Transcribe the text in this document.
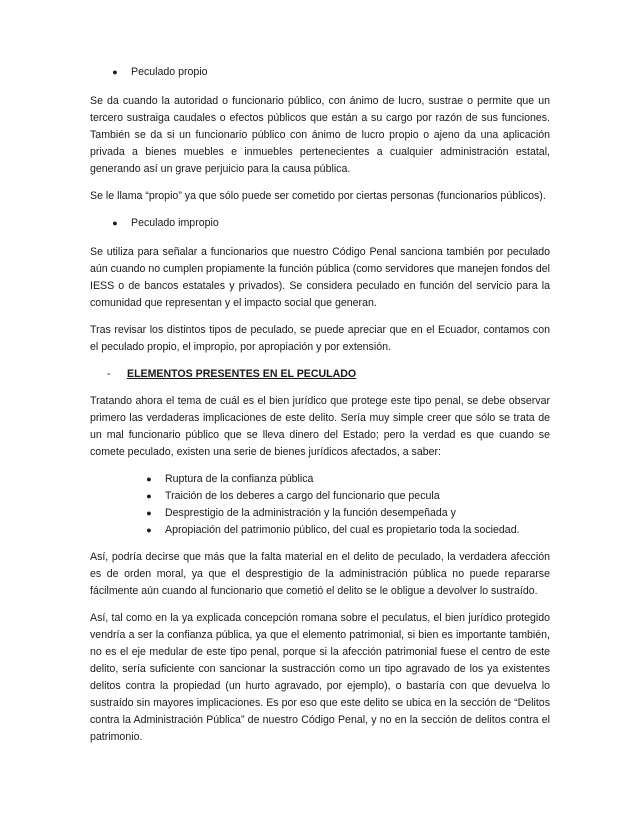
●	Peculado propio

Se da cuando la autoridad o funcionario público, con ánimo de lucro, sustrae o permite que un tercero sustraiga caudales o efectos públicos que están a su cargo por razón de sus funciones. También se da si un funcionario público con ánimo de lucro propio o ajeno da una aplicación privada a bienes muebles e inmuebles pertenecientes a cualquier administración estatal, generando así un grave perjuicio para la causa pública.

Se le llama “propio” ya que sólo puede ser cometido por ciertas personas (funcionarios públicos).

●	Peculado impropio

Se utiliza para señalar a funcionarios que nuestro Código Penal sanciona también por peculado aún cuando no cumplen propiamente la función pública (como servidores que manejen fondos del IESS o de bancos estatales y privados). Se considera peculado en función del servicio para la comunidad que representan y el impacto social que generan.

Tras revisar los distintos tipos de peculado, se puede apreciar que en el Ecuador, contamos con el peculado propio, el impropio, por apropiación y por extensión.

-	ELEMENTOS PRESENTES EN EL PECULADO

Tratando ahora el tema de cuál es el bien jurídico que protege este tipo penal, se debe observar primero las verdaderas implicaciones de este delito. Sería muy simple creer que sólo se trata de un mal funcionario público que se lleva dinero del Estado; pero la verdad es que cuando se comete peculado, existen una serie de bienes jurídicos afectados, a saber:

●	Ruptura de la confianza pública
●	Traición de los deberes a cargo del funcionario que pecula
●	Desprestigio de la administración y la función desempeñada y
●	Apropiación del patrimonio público, del cual es propietario toda la sociedad.

Así, podría decirse que más que la falta material en el delito de peculado, la verdadera afección es de orden moral, ya que el desprestigio de la administración pública no puede repararse fácilmente aún cuando al funcionario que cometió el delito se le obligue a devolver lo sustraído.

Así, tal como en la ya explicada concepción romana sobre el peculatus, el bien jurídico protegido vendría a ser la confianza pública, ya que el elemento patrimonial, si bien es importante también, no es el eje medular de este tipo penal, porque si la afección patrimonial fuese el centro de este delito, sería suficiente con sancionar la sustracción como un tipo agravado de los ya existentes delitos contra la propiedad (un hurto agravado, por ejemplo), o bastaría con que devuelva lo sustraído sin mayores implicaciones. Es por eso que este delito se ubica en la sección de “Delitos contra la Administración Pública” de nuestro Código Penal, y no en la sección de delitos contra el patrimonio.
